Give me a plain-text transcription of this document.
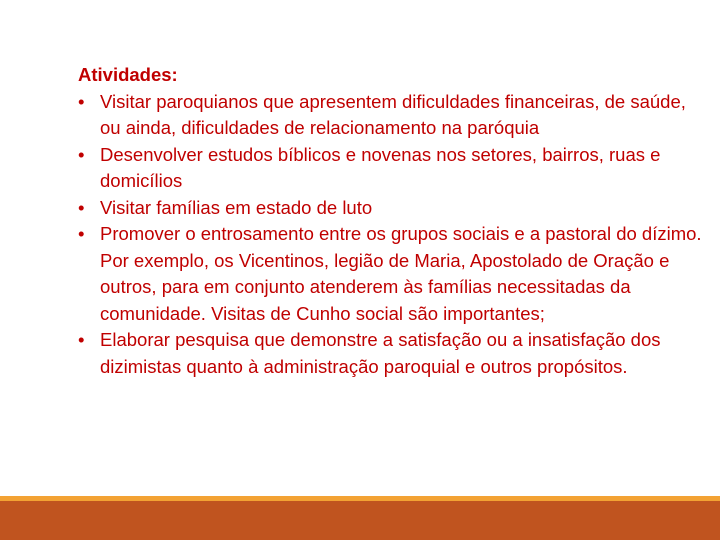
Atividades:

• Visitar paroquianos que apresentem dificuldades financeiras, de saúde, ou ainda, dificuldades de relacionamento na paróquia
• Desenvolver estudos bíblicos e novenas nos setores, bairros, ruas e domicílios
• Visitar famílias em estado de luto
• Promover o entrosamento entre os grupos sociais e a pastoral do dízimo. Por exemplo, os Vicentinos, legião de Maria, Apostolado de Oração e outros, para em conjunto atenderem às famílias necessitadas da comunidade. Visitas de Cunho social são importantes;
• Elaborar pesquisa que demonstre a satisfação ou a insatisfação dos dizimistas quanto à administração paroquial e outros propósitos.
